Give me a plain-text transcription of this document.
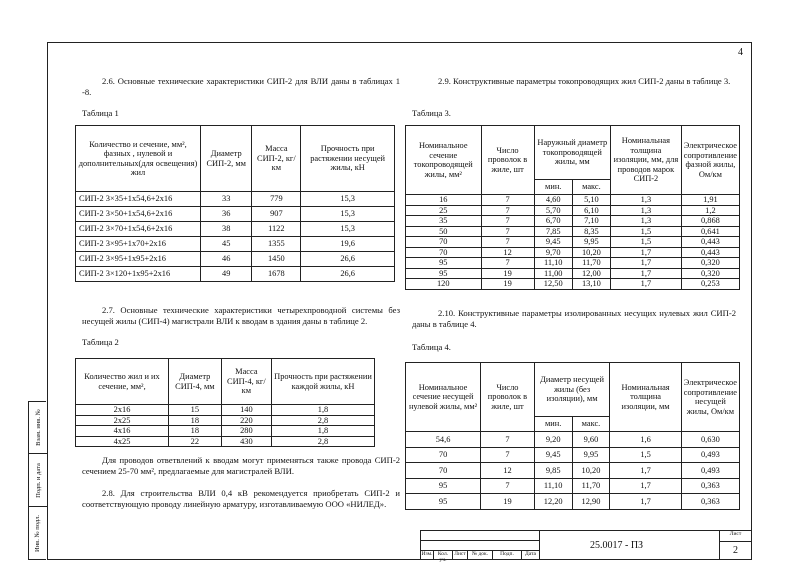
4
2.6. Основные технические характеристики СИП-2 для ВЛИ даны в таблицах 1 -8.
Таблица 1
Количество и сечение, мм², фазных , нулевой и дополнительных(для освещения) жил	Диаметр СИП-2, мм	Масса СИП-2, кг/км	Прочность при растяжении несущей жилы, кН
СИП-2 3×35+1х54,6+2х16	33	779	15,3
СИП-2 3×50+1х54,6+2х16	36	907	15,3
СИП-2 3×70+1х54,6+2х16	38	1122	15,3
СИП-2 3×95+1х70+2х16	45	1355	19,6
СИП-2 3×95+1х95+2х16	46	1450	26,6
СИП-2 3×120+1х95+2х16	49	1678	26,6
2.7. Основные технические характеристики четырехпроводной системы без несущей жилы (СИП-4) магистрали ВЛИ к вводам в здания даны в таблице 2.
Таблица 2
Количество жил и их сечение, мм²,	Диаметр СИП-4, мм	Масса СИП-4, кг/км	Прочность при растяжении каждой жилы, кН
2х16	15	140	1,8
2х25	18	220	2,8
4х16	18	280	1,8
4х25	22	430	2,8
Для проводов ответвлений к вводам могут применяться также провода СИП-2 сечением 25-70 мм², предлагаемые для магистралей ВЛИ.
2.8. Для строительства ВЛИ 0,4 кВ рекомендуется приобретать СИП-2 и соответствующую проводу линейную арматуру, изготавливаемую ООО «НИЛЕД».
2.9. Конструктивные параметры токопроводящих жил СИП-2 даны в таблице 3.
Таблица 3.
Номинальное сечение токопроводящей жилы, мм²	Число проволок в жиле, шт	Наружный диаметр токопроводящей жилы, мм		Номинальная толщина изоляции, мм, для проводов марок СИП-2	Электрическое сопротивление фазной жилы, Ом/км
		мин.	макс.		
16	7	4,60	5,10	1,3	1,91
25	7	5,70	6,10	1,3	1,2
35	7	6,70	7,10	1,3	0,868
50	7	7,85	8,35	1,5	0,641
70	7	9,45	9,95	1,5	0,443
70	12	9,70	10,20	1,7	0,443
95	7	11,10	11,70	1,7	0,320
95	19	11,00	12,00	1,7	0,320
120	19	12,50	13,10	1,7	0,253
2.10. Конструктивные параметры изолированных несущих нулевых жил СИП-2 даны в таблице 4.
Таблица 4.
Номинальное сечение несущей нулевой жилы, мм²	Число проволок в жиле, шт	Диаметр несущей жилы (без изоляции), мм		Номинальная толщина изоляции, мм	Электрическое сопротивление несущей жилы, Ом/км
		мин.	макс.		
54,6	7	9,20	9,60	1,6	0,630
70	7	9,45	9,95	1,5	0,493
70	12	9,85	10,20	1,7	0,493
95	7	11,10	11,70	1,7	0,363
95	19	12,20	12,90	1,7	0,363
Взам. инв. №
Подп. и дата
Инв. № подл.
Изм. Кол. уч.
Лист	№ док.	Подп.	Дата
25.0017 - ПЗ
Лист
2
